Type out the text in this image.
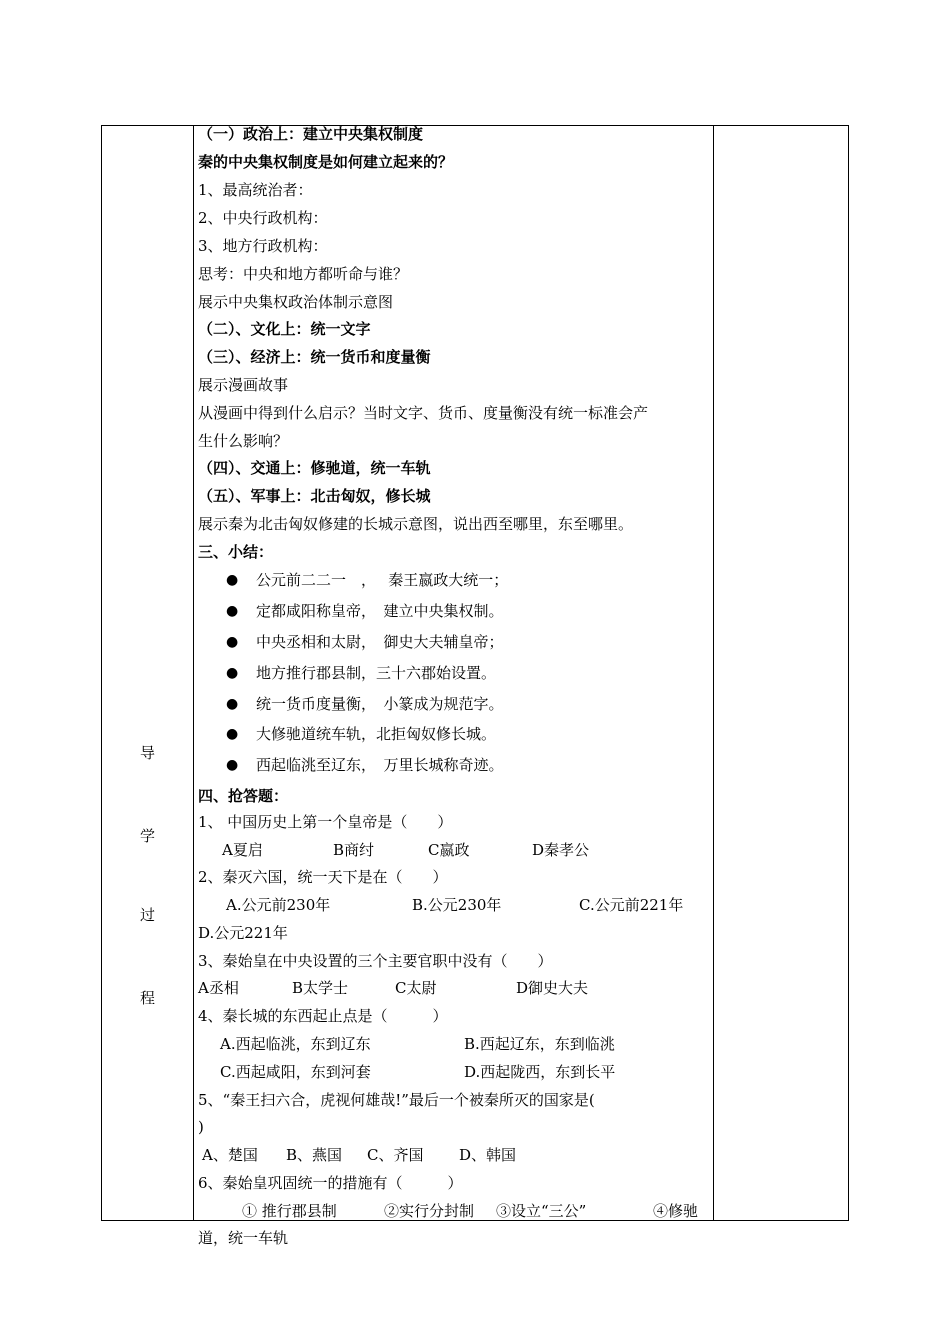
导
学
过
程
（一）政治上：建立中央集权制度
秦的中央集权制度是如何建立起来的？
1、最高统治者：
2、中央行政机构：
3、地方行政机构：
思考：中央和地方都听命与谁？
展示中央集权政治体制示意图
（二）、文化上：统一文字
（三）、经济上：统一货币和度量衡
展示漫画故事
从漫画中得到什么启示？当时文字、货币、度量衡没有统一标准会产
生什么影响？
（四）、交通上：修驰道，统一车轨
（五）、军事上：北击匈奴，修长城
展示秦为北击匈奴修建的长城示意图，说出西至哪里，东至哪里。
三、小结：
● 公元前二二一　，　 秦王嬴政大统一；
● 定都咸阳称皇帝，　建立中央集权制。
● 中央丞相和太尉，　御史大夫辅皇帝；
● 地方推行郡县制，三十六郡始设置。
● 统一货币度量衡，　小篆成为规范字。
● 大修驰道统车轨，北拒匈奴修长城。
● 西起临洮至辽东，　万里长城称奇迹。
四、抢答题：
1、 中国历史上第一个皇帝是（　　）
A夏启	B商纣	C嬴政	D秦孝公
2、秦灭六国，统一天下是在（　　）
A.公元前230年	B.公元230年	C.公元前221年
D.公元221年
3、秦始皇在中央设置的三个主要官职中没有（　　）
A丞相	B太学士	C太尉	D御史大夫
4、秦长城的东西起止点是（　　　）
A.西起临洮，东到辽东	B.西起辽东，东到临洮
C.西起咸阳，东到河套	D.西起陇西，东到长平
5、“秦王扫六合，虎视何雄哉!”最后一个被秦所灭的国家是(
)
A、楚国 B、燕国 C、齐国 D、韩国
6、秦始皇巩固统一的措施有（　　　）
① 推行郡县制	②实行分封制 ③设立“三公”	④修驰
道，统一车轨
